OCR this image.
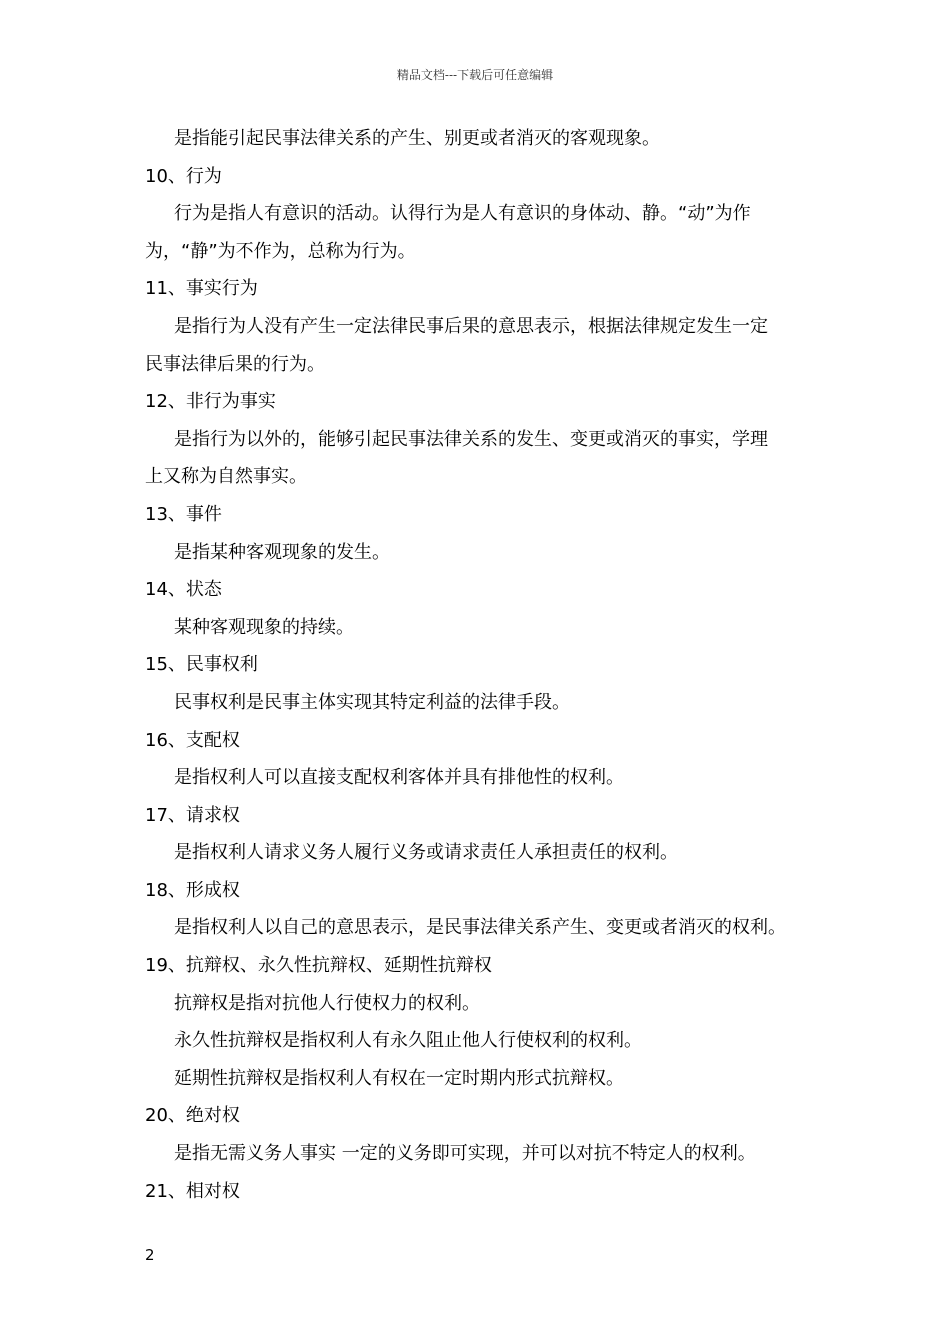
精品文档---下载后可任意编辑
是指能引起民事法律关系的产生、别更或者消灭的客观现象。
10、行为
行为是指人有意识的活动。认得行为是人有意识的身体动、静。“动”为作
为，“静”为不作为，总称为行为。
11、事实行为
是指行为人没有产生一定法律民事后果的意思表示，根据法律规定发生一定
民事法律后果的行为。
12、非行为事实
是指行为以外的，能够引起民事法律关系的发生、变更或消灭的事实，学理
上又称为自然事实。
13、事件
是指某种客观现象的发生。
14、状态
某种客观现象的持续。
15、民事权利
民事权利是民事主体实现其特定利益的法律手段。
16、支配权
是指权利人可以直接支配权利客体并具有排他性的权利。
17、请求权
是指权利人请求义务人履行义务或请求责任人承担责任的权利。
18、形成权
是指权利人以自己的意思表示，是民事法律关系产生、变更或者消灭的权利。
19、抗辩权、永久性抗辩权、延期性抗辩权
抗辩权是指对抗他人行使权力的权利。
永久性抗辩权是指权利人有永久阻止他人行使权利的权利。
延期性抗辩权是指权利人有权在一定时期内形式抗辩权。
20、绝对权
是指无需义务人事实 一定的义务即可实现，并可以对抗不特定人的权利。
21、相对权
2
